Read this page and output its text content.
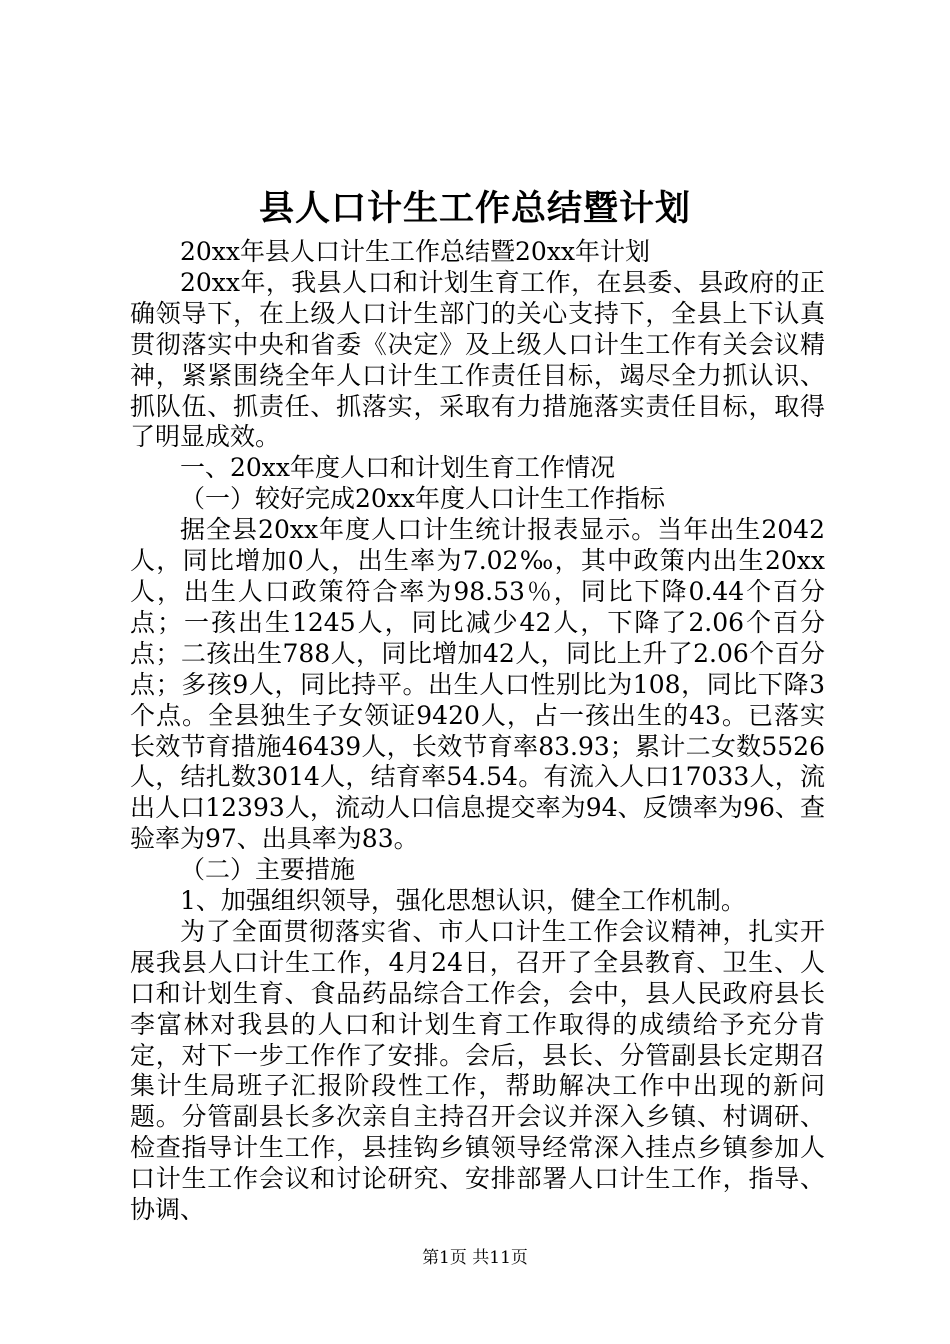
县人口计生工作总结暨计划

20xx年县人口计生工作总结暨20xx年计划

20xx年，我县人口和计划生育工作，在县委、县政府的正确领导下，在上级人口计生部门的关心支持下，全县上下认真贯彻落实中央和省委《决定》及上级人口计生工作有关会议精神，紧紧围绕全年人口计生工作责任目标，竭尽全力抓认识、抓队伍、抓责任、抓落实，采取有力措施落实责任目标，取得了明显成效。

一、20xx年度人口和计划生育工作情况

（一）较好完成20xx年度人口计生工作指标

据全县20xx年度人口计生统计报表显示。当年出生2042人，同比增加0人，出生率为7.02‰，其中政策内出生20xx人，出生人口政策符合率为98.53％，同比下降0.44个百分点；一孩出生1245人，同比减少42人，下降了2.06个百分点；二孩出生788人，同比增加42人，同比上升了2.06个百分点；多孩9人，同比持平。出生人口性别比为108，同比下降3个点。全县独生子女领证9420人，占一孩出生的43。已落实长效节育措施46439人，长效节育率83.93；累计二女数5526人，结扎数3014人，结育率54.54。有流入人口17033人，流出人口12393人，流动人口信息提交率为94、反馈率为96、查验率为97、出具率为83。

（二）主要措施

1、加强组织领导，强化思想认识，健全工作机制。

为了全面贯彻落实省、市人口计生工作会议精神，扎实开展我县人口计生工作，4月24日，召开了全县教育、卫生、人口和计划生育、食品药品综合工作会，会中，县人民政府县长李富林对我县的人口和计划生育工作取得的成绩给予充分肯定，对下一步工作作了安排。会后，县长、分管副县长定期召集计生局班子汇报阶段性工作，帮助解决工作中出现的新问题。分管副县长多次亲自主持召开会议并深入乡镇、村调研、检查指导计生工作，县挂钩乡镇领导经常深入挂点乡镇参加人口计生工作会议和讨论研究、安排部署人口计生工作，指导、协调、

第1页 共11页
